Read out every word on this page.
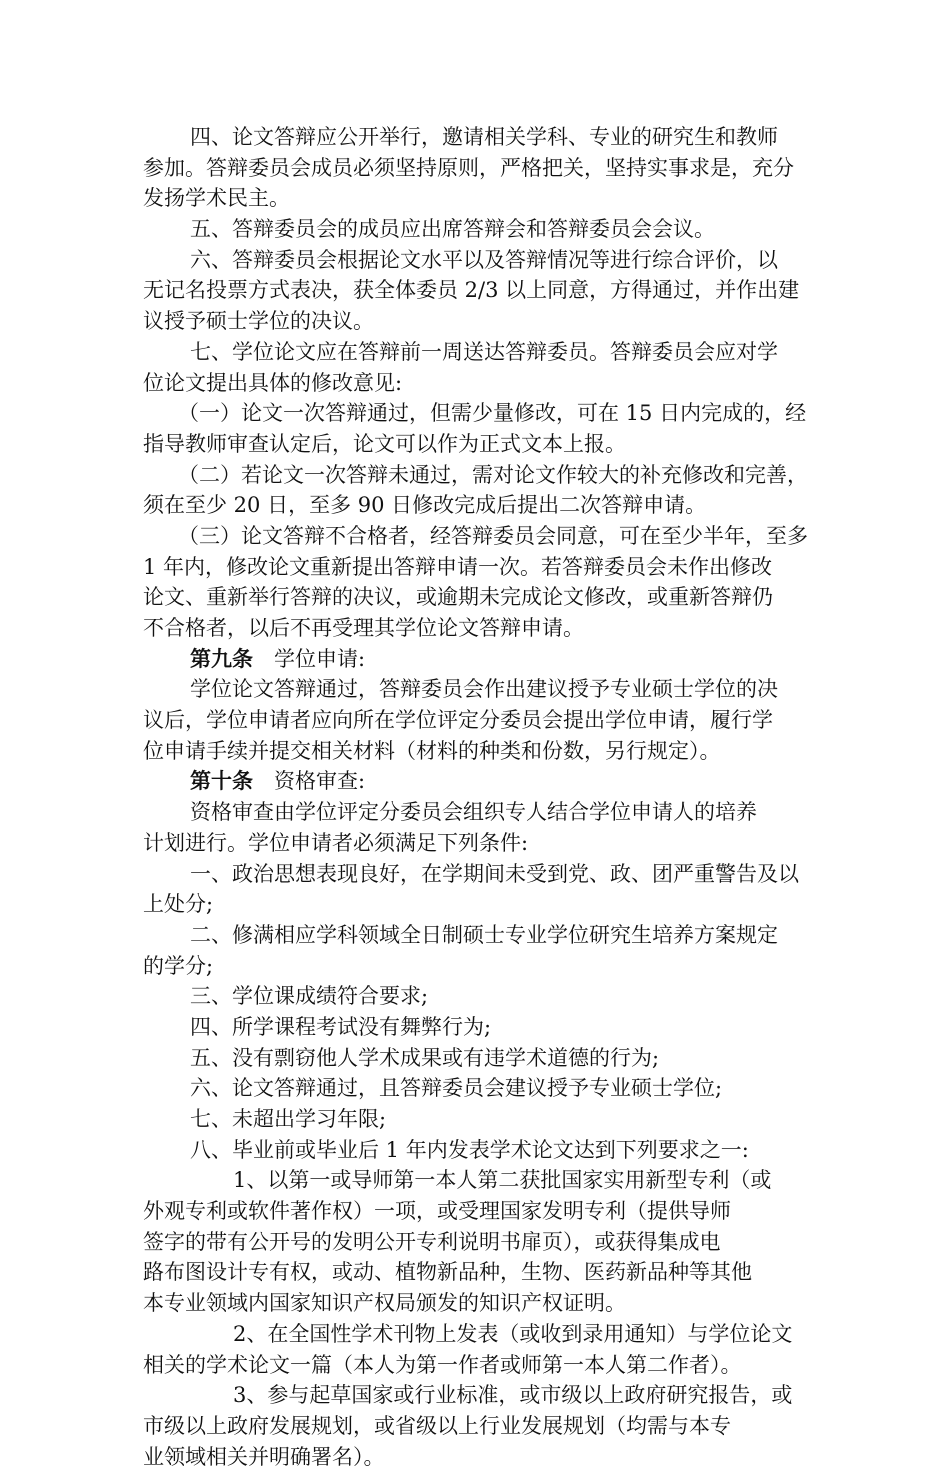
四、论文答辩应公开举行，邀请相关学科、专业的研究生和教师
参加。答辩委员会成员必须坚持原则，严格把关，坚持实事求是，充分
发扬学术民主。
五、答辩委员会的成员应出席答辩会和答辩委员会会议。
六、答辩委员会根据论文水平以及答辩情况等进行综合评价，以
无记名投票方式表决，获全体委员 2/3 以上同意，方得通过，并作出建
议授予硕士学位的决议。
七、学位论文应在答辩前一周送达答辩委员。答辩委员会应对学
位论文提出具体的修改意见:
（一）论文一次答辩通过，但需少量修改，可在 15 日内完成的，经
指导教师审查认定后，论文可以作为正式文本上报。
（二）若论文一次答辩未通过，需对论文作较大的补充修改和完善，
须在至少 20 日，至多 90 日修改完成后提出二次答辩申请。
（三）论文答辩不合格者，经答辩委员会同意，可在至少半年，至多
1 年内，修改论文重新提出答辩申请一次。若答辩委员会未作出修改
论文、重新举行答辩的决议，或逾期未完成论文修改，或重新答辩仍
不合格者，以后不再受理其学位论文答辩申请。
第九条　学位申请:
学位论文答辩通过，答辩委员会作出建议授予专业硕士学位的决
议后，学位申请者应向所在学位评定分委员会提出学位申请，履行学
位申请手续并提交相关材料（材料的种类和份数，另行规定）。
第十条　资格审查:
资格审查由学位评定分委员会组织专人结合学位申请人的培养
计划进行。学位申请者必须满足下列条件:
一、政治思想表现良好，在学期间未受到党、政、团严重警告及以
上处分;
二、修满相应学科领域全日制硕士专业学位研究生培养方案规定
的学分;
三、学位课成绩符合要求;
四、所学课程考试没有舞弊行为;
五、没有剽窃他人学术成果或有违学术道德的行为;
六、论文答辩通过，且答辩委员会建议授予专业硕士学位;
七、未超出学习年限;
八、毕业前或毕业后 1 年内发表学术论文达到下列要求之一:
1、以第一或导师第一本人第二获批国家实用新型专利（或
外观专利或软件著作权）一项，或受理国家发明专利（提供导师
签字的带有公开号的发明公开专利说明书扉页），或获得集成电
路布图设计专有权，或动、植物新品种，生物、医药新品种等其他
本专业领域内国家知识产权局颁发的知识产权证明。
2、在全国性学术刊物上发表（或收到录用通知）与学位论文
相关的学术论文一篇（本人为第一作者或师第一本人第二作者）。
3、参与起草国家或行业标准，或市级以上政府研究报告，或
市级以上政府发展规划，或省级以上行业发展规划（均需与本专
业领域相关并明确署名）。
